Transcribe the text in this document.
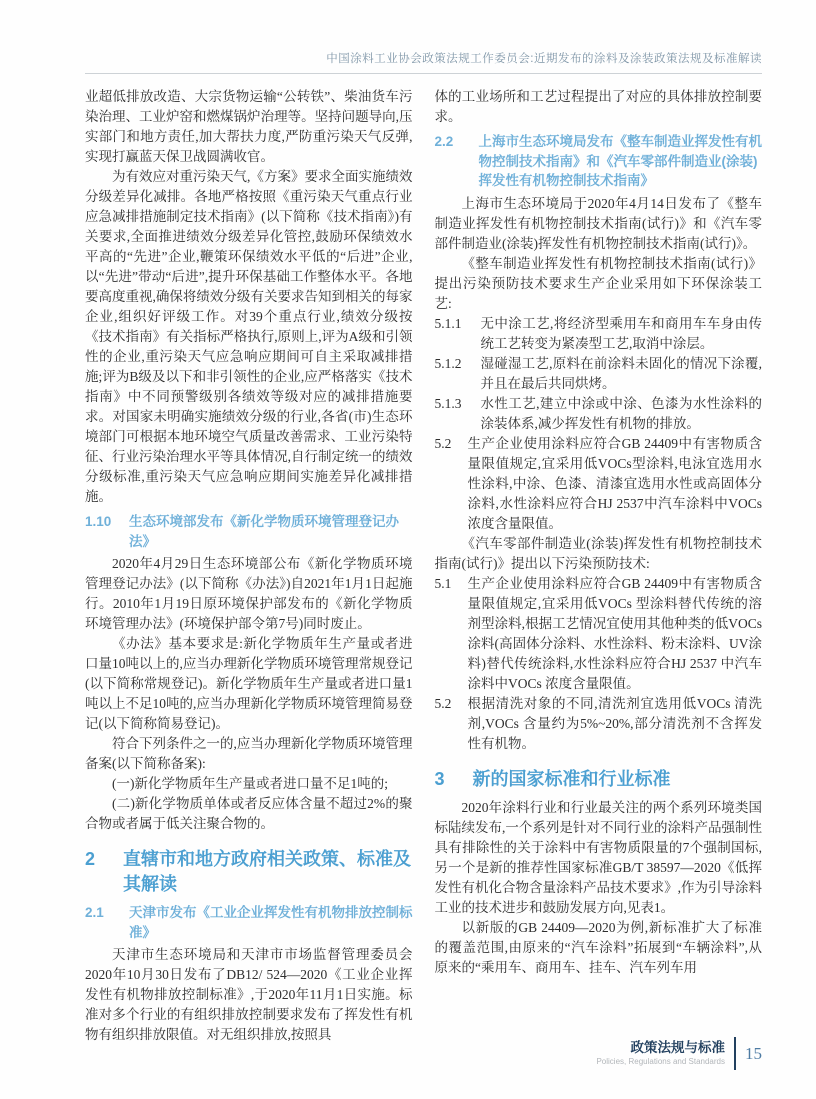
中国涂料工业协会政策法规工作委员会:近期发布的涂料及涂装政策法规及标准解读

业超低排放改造、大宗货物运输“公转铁”、柴油货车污染治理、工业炉窑和燃煤锅炉治理等。坚持问题导向,压实部门和地方责任,加大帮扶力度,严防重污染天气反弹,实现打赢蓝天保卫战圆满收官。

为有效应对重污染天气,《方案》要求全面实施绩效分级差异化减排。各地严格按照《重污染天气重点行业应急减排措施制定技术指南》(以下简称《技术指南》)有关要求,全面推进绩效分级差异化管控,鼓励环保绩效水平高的“先进”企业,鞭策环保绩效水平低的“后进”企业,以“先进”带动“后进”,提升环保基础工作整体水平。各地要高度重视,确保将绩效分级有关要求告知到相关的每家企业,组织好评级工作。对39个重点行业,绩效分级按《技术指南》有关指标严格执行,原则上,评为A级和引领性的企业,重污染天气应急响应期间可自主采取减排措施;评为B级及以下和非引领性的企业,应严格落实《技术指南》中不同预警级别各绩效等级对应的减排措施要求。对国家未明确实施绩效分级的行业,各省(市)生态环境部门可根据本地环境空气质量改善需求、工业污染特征、行业污染治理水平等具体情况,自行制定统一的绩效分级标准,重污染天气应急响应期间实施差异化减排措施。

1.10	生态环境部发布《新化学物质环境管理登记办法》

2020年4月29日生态环境部公布《新化学物质环境管理登记办法》(以下简称《办法》)自2021年1月1日起施行。2010年1月19日原环境保护部发布的《新化学物质环境管理办法》(环境保护部令第7号)同时废止。

《办法》基本要求是:新化学物质年生产量或者进口量10吨以上的,应当办理新化学物质环境管理常规登记(以下简称常规登记)。新化学物质年生产量或者进口量1吨以上不足10吨的,应当办理新化学物质环境管理简易登记(以下简称简易登记)。

符合下列条件之一的,应当办理新化学物质环境管理备案(以下简称备案):

(一)新化学物质年生产量或者进口量不足1吨的;

(二)新化学物质单体或者反应体含量不超过2%的聚合物或者属于低关注聚合物的。

2	直辖市和地方政府相关政策、标准及其解读
2.1	天津市发布《工业企业挥发性有机物排放控制标准》

天津市生态环境局和天津市市场监督管理委员会2020年10月30日发布了DB12/ 524—2020《工业企业挥发性有机物排放控制标准》,于2020年11月1日实施。标准对多个行业的有组织排放控制要求发布了挥发性有机物有组织排放限值。对无组织排放,按照具

体的工业场所和工艺过程提出了对应的具体排放控制要求。

2.2	上海市生态环境局发布《整车制造业挥发性有机物控制技术指南》和《汽车零部件制造业(涂装)挥发性有机物控制技术指南》

上海市生态环境局于2020年4月14日发布了《整车制造业挥发性有机物控制技术指南(试行)》和《汽车零部件制造业(涂装)挥发性有机物控制技术指南(试行)》。

《整车制造业挥发性有机物控制技术指南(试行)》提出污染预防技术要求生产企业采用如下环保涂装工艺:

5.1.1	无中涂工艺,将经济型乘用车和商用车车身由传统工艺转变为紧凑型工艺,取消中涂层。
5.1.2	湿碰湿工艺,原料在前涂料未固化的情况下涂覆,并且在最后共同烘烤。
5.1.3	水性工艺,建立中涂或中涂、色漆为水性涂料的涂装体系,减少挥发性有机物的排放。
5.2	生产企业使用涂料应符合GB 24409中有害物质含量限值规定,宜采用低VOCs型涂料,电泳宜选用水性涂料,中涂、色漆、清漆宜选用水性或高固体分涂料,水性涂料应符合HJ 2537中汽车涂料中VOCs浓度含量限值。

《汽车零部件制造业(涂装)挥发性有机物控制技术指南(试行)》提出以下污染预防技术:

5.1	生产企业使用涂料应符合GB 24409中有害物质含量限值规定,宜采用低VOCs 型涂料替代传统的溶剂型涂料,根据工艺情况宜使用其他种类的低VOCs涂料(高固体分涂料、水性涂料、粉末涂料、UV涂料)替代传统涂料,水性涂料应符合HJ 2537 中汽车涂料中VOCs 浓度含量限值。
5.2	根据清洗对象的不同,清洗剂宜选用低VOCs 清洗剂,VOCs 含量约为5%~20%,部分清洗剂不含挥发性有机物。
3	新的国家标准和行业标准

2020年涂料行业和行业最关注的两个系列环境类国标陆续发布,一个系列是针对不同行业的涂料产品强制性具有排除性的关于涂料中有害物质限量的7个强制国标,另一个是新的推荐性国家标准GB/T 38597—2020《低挥发性有机化合物含量涂料产品技术要求》,作为引导涂料工业的技术进步和鼓励发展方向,见表1。

以新版的GB 24409—2020为例,新标准扩大了标准的覆盖范围,由原来的“汽车涂料”拓展到“车辆涂料”,从原来的“乘用车、商用车、挂车、汽车列车用

政策法规与标准
Policies, Regulations and Standards 15
